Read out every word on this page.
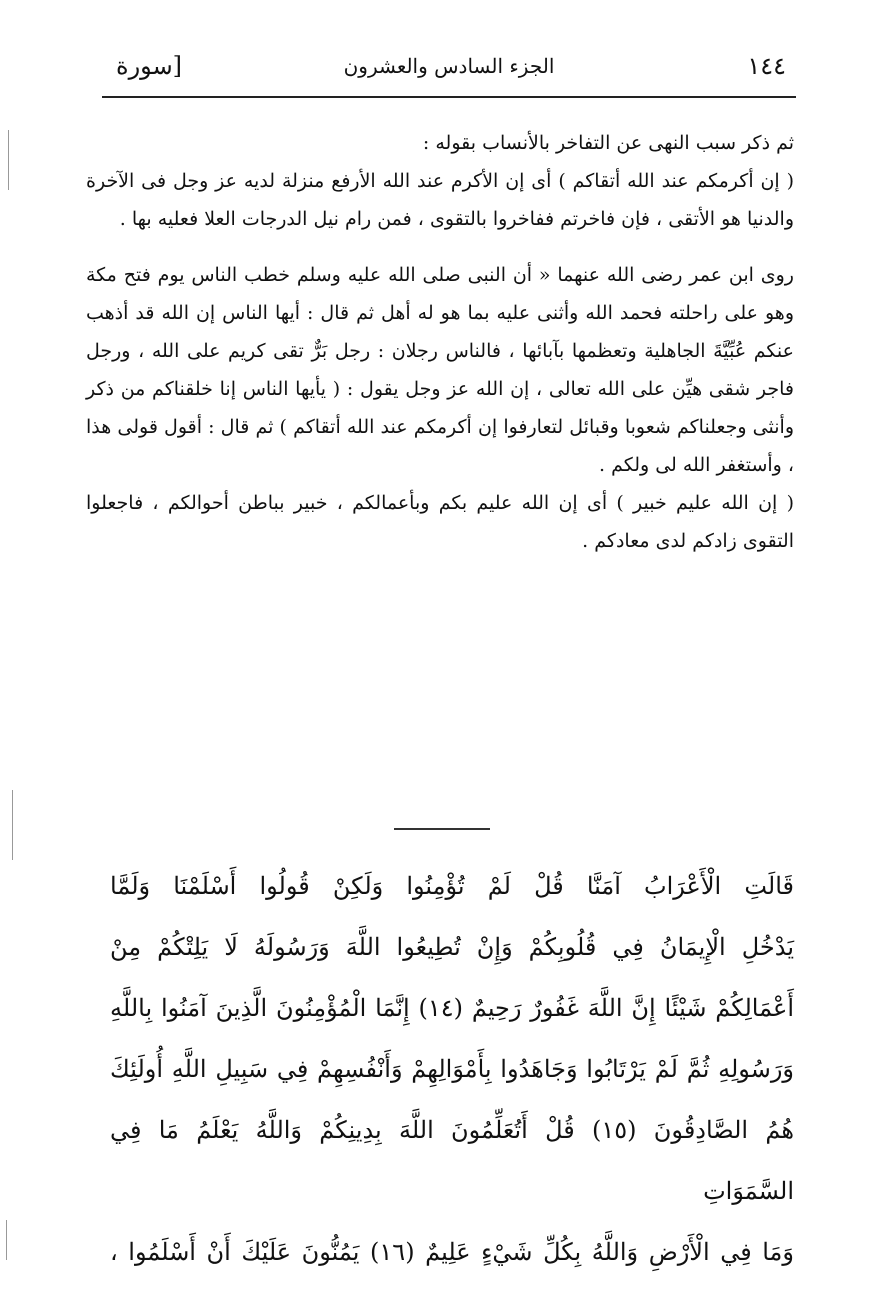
١٤٤
الجزء السادس والعشرون
[سورة

ثم ذكر سبب النهى عن التفاخر بالأنساب بقوله :

( إن أكرمكم عند الله أتقاكم ) أى إن الأكرم عند الله الأرفع منزلة لديه عز وجل فى الآخرة والدنيا هو الأتقى ، فإن فاخرتم ففاخروا بالتقوى ، فمن رام نيل الدرجات العلا فعليه بها .

روى ابن عمر رضى الله عنهما « أن النبى صلى الله عليه وسلم خطب الناس يوم فتح مكة وهو على راحلته فحمد الله وأثنى عليه بما هو له أهل ثم قال : أيها الناس إن الله قد أذهب عنكم عُبِّيَّةَ الجاهلية وتعظمها بآبائها ، فالناس رجلان : رجل بَرٌّ تقى كريم على الله ، ورجل فاجر شقى هيِّن على الله تعالى ، إن الله عز وجل يقول : ( يأيها الناس إنا خلقناكم من ذكر وأنثى وجعلناكم شعوبا وقبائل لتعارفوا إن أكرمكم عند الله أتقاكم ) ثم قال : أقول قولى هذا ، وأستغفر الله لى ولكم .

( إن الله عليم خبير ) أى إن الله عليم بكم وبأعمالكم ، خبير بباطن أحوالكم ، فاجعلوا التقوى زادكم لدى معادكم .

قَالَتِ الْأَعْرَابُ آمَنَّا قُلْ لَمْ تُؤْمِنُوا وَلَكِنْ قُولُوا أَسْلَمْنَا وَلَمَّا

يَدْخُلِ الْإِيمَانُ فِي قُلُوبِكُمْ وَإِنْ تُطِيعُوا اللَّهَ وَرَسُولَهُ لَا يَلِتْكُمْ مِنْ

أَعْمَالِكُمْ شَيْئًا إِنَّ اللَّهَ غَفُورٌ رَحِيمٌ (١٤) إِنَّمَا الْمُؤْمِنُونَ الَّذِينَ آمَنُوا بِاللَّهِ

وَرَسُولِهِ ثُمَّ لَمْ يَرْتَابُوا وَجَاهَدُوا بِأَمْوَالِهِمْ وَأَنْفُسِهِمْ فِي سَبِيلِ اللَّهِ أُولَئِكَ

هُمُ الصَّادِقُونَ (١٥) قُلْ أَتُعَلِّمُونَ اللَّهَ بِدِينِكُمْ وَاللَّهُ يَعْلَمُ مَا فِي السَّمَوَاتِ

وَمَا فِي الْأَرْضِ وَاللَّهُ بِكُلِّ شَيْءٍ عَلِيمٌ (١٦) يَمُنُّونَ عَلَيْكَ أَنْ أَسْلَمُوا ،
